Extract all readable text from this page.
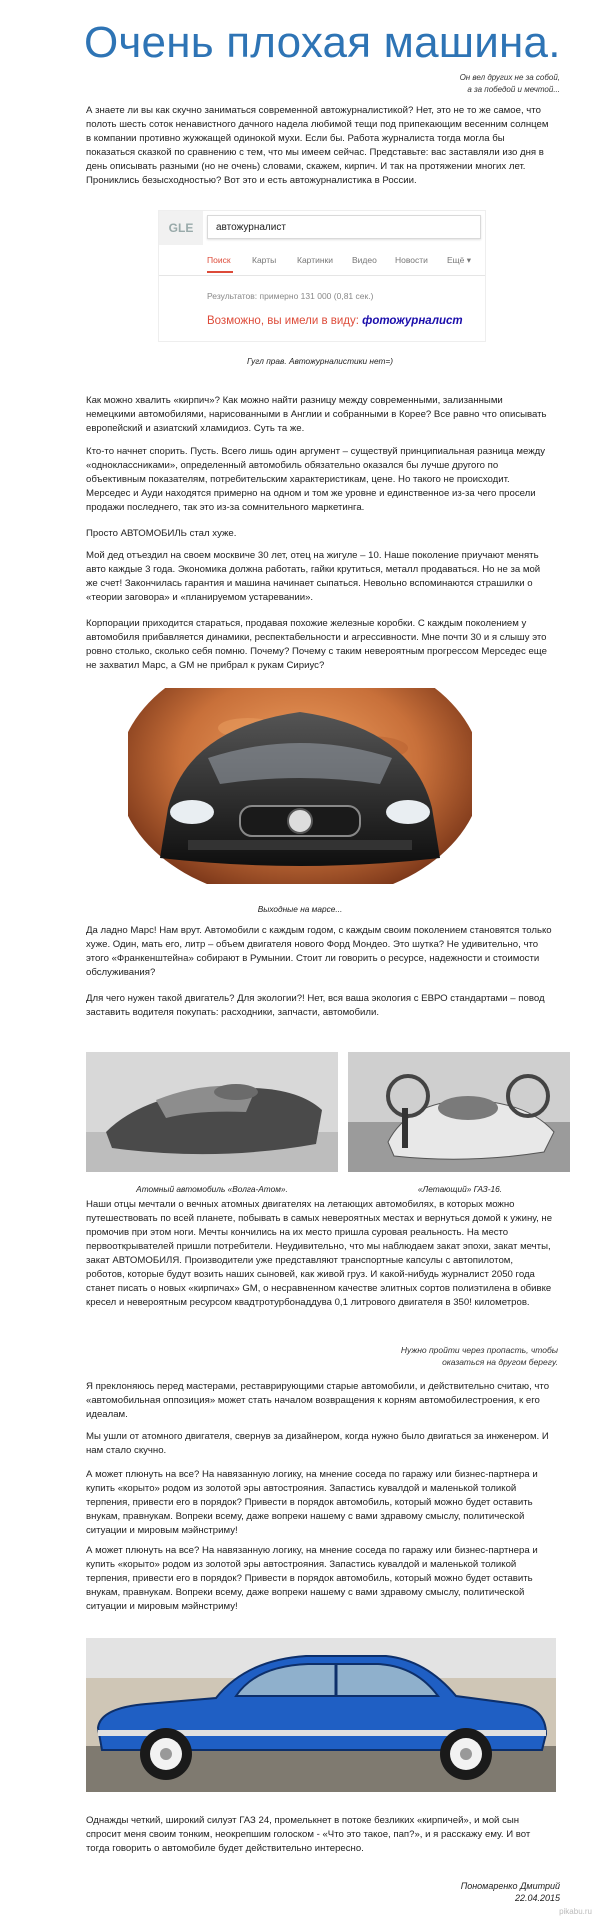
Очень плохая машина.
Он вел других не за собой,
а за победой и мечтой...

А знаете ли вы как скучно заниматься современной автожурналистикой? Нет, это не то же самое, что полоть шесть соток ненавистного дачного надела любимой тещи под припекающим весенним солнцем в компании противно жужжащей одинокой мухи. Если бы. Работа журналиста тогда могла бы показаться сказкой по сравнению с тем, что мы имеем сейчас. Представьте: вас заставляли изо дня в день описывать разными (но не очень) словами, скажем, кирпич. И так на протяжении многих лет. Прониклись безысходностью? Вот это и есть автожурналистика в России.

GLE	автожурналист
Поиск	Карты Картинки Видео Новости Ещё ▾
Результатов: примерно 131 000 (0,81 сек.)
Возможно, вы имели в виду: фотожурналист
Гугл прав. Автожурналистики нет=)

Как можно хвалить «кирпич»? Как можно найти разницу между современными, зализанными немецкими автомобилями, нарисованными в Англии и собранными в Корее? Все равно что описывать европейский и азиатский хламидиоз. Суть та же.

Кто-то начнет спорить. Пусть. Всего лишь один аргумент – существуй принципиальная разница между «одноклассниками», определенный автомобиль обязательно оказался бы лучше другого по объективным показателям, потребительским характеристикам, цене. Но такого не происходит. Мерседес и Ауди находятся примерно на одном и том же уровне и единственное из-за чего просели продажи последнего, так это из-за сомнительного маркетинга.

Просто АВТОМОБИЛЬ стал хуже.

Мой дед отъездил на своем москвиче 30 лет, отец на жигуле – 10. Наше поколение приучают менять авто каждые 3 года. Экономика должна работать, гайки крутиться, металл продаваться. Но не за мой же счет! Закончилась гарантия и машина начинает сыпаться. Невольно вспоминаются страшилки о «теории заговора» и «планируемом устаревании».

Корпорации приходится стараться, продавая похожие железные коробки. С каждым поколением у автомобиля прибавляется динамики, респектабельности и агрессивности. Мне почти 30 и я слышу это ровно столько, сколько себя помню. Почему? Почему с таким невероятным прогрессом Мерседес еще не захватил Марс, а GM не прибрал к рукам Сириус?

Выходные на марсе...

Да ладно Марс! Нам врут. Автомобили с каждым годом, с каждым своим поколением становятся только хуже. Один, мать его, литр – объем двигателя нового Форд Мондео. Это шутка? Не удивительно, что этого «Франкенштейна» собирают в Румынии. Стоит ли говорить о ресурсе, надежности и стоимости обслуживания?

Для чего нужен такой двигатель? Для экологии?! Нет, вся ваша экология с ЕВРО стандартами – повод заставить водителя покупать: расходники, запчасти, автомобили.

Атомный автомобиль «Волга-Атом».	«Летающий» ГАЗ-16.

Наши отцы мечтали о вечных атомных двигателях на летающих автомобилях, в которых можно путешествовать по всей планете, побывать в самых невероятных местах и вернуться домой к ужину, не промочив при этом ноги. Мечты кончились на их место пришла суровая реальность. На место первооткрывателей пришли потребители. Неудивительно, что мы наблюдаем закат эпохи, закат мечты, закат АВТОМОБИЛЯ. Производители уже представляют транспортные капсулы с автопилотом, роботов, которые будут возить наших сыновей, как живой груз. И какой-нибудь журналист 2050 года станет писать о новых «кирпичах» GM, о несравненном качестве элитных сортов полиэтилена в обивке кресел и невероятным ресурсом квадтротурбонаддува 0,1 литрового двигателя в 350! километров.

Нужно пройти через пропасть, чтобы
оказаться на другом берегу.

Я преклоняюсь перед мастерами, реставрирующими старые автомобили, и действительно считаю, что «автомобильная оппозиция» может стать началом возвращения к корням автомобилестроения, к его идеалам.

Мы ушли от атомного двигателя, свернув за дизайнером, когда нужно было двигаться за инженером. И нам стало скучно.

А может плюнуть на все? На навязанную логику, на мнение соседа по гаражу или бизнес-партнера и купить «корыто» родом из золотой эры автострояния. Запастись кувалдой и маленькой толикой терпения, привести его в порядок? Привести в порядок автомобиль, который можно будет оставить внукам, правнукам. Вопреки всему, даже вопреки нашему с вами здравому смыслу, политической ситуации и мировым мэйнстриму!

А может плюнуть на все? На навязанную логику, на мнение соседа по гаражу или бизнес-партнера и купить «корыто» родом из золотой эры автострояния. Запастись кувалдой и маленькой толикой терпения, привести его в порядок? Привести в порядок автомобиль, который можно будет оставить внукам, правнукам. Вопреки всему, даже вопреки нашему с вами здравому смыслу, политической ситуации и мировым мэйнстриму!

Однажды четкий, широкий силуэт ГАЗ 24, промелькнет в потоке безликих «кирпичей», и мой сын спросит меня своим тонким, неокрепшим голоском - «Что это такое, пап?», и я расскажу ему. И вот тогда говорить о автомобиле будет действительно интересно.

Пономаренко Дмитрий
22.04.2015
pikabu.ru
